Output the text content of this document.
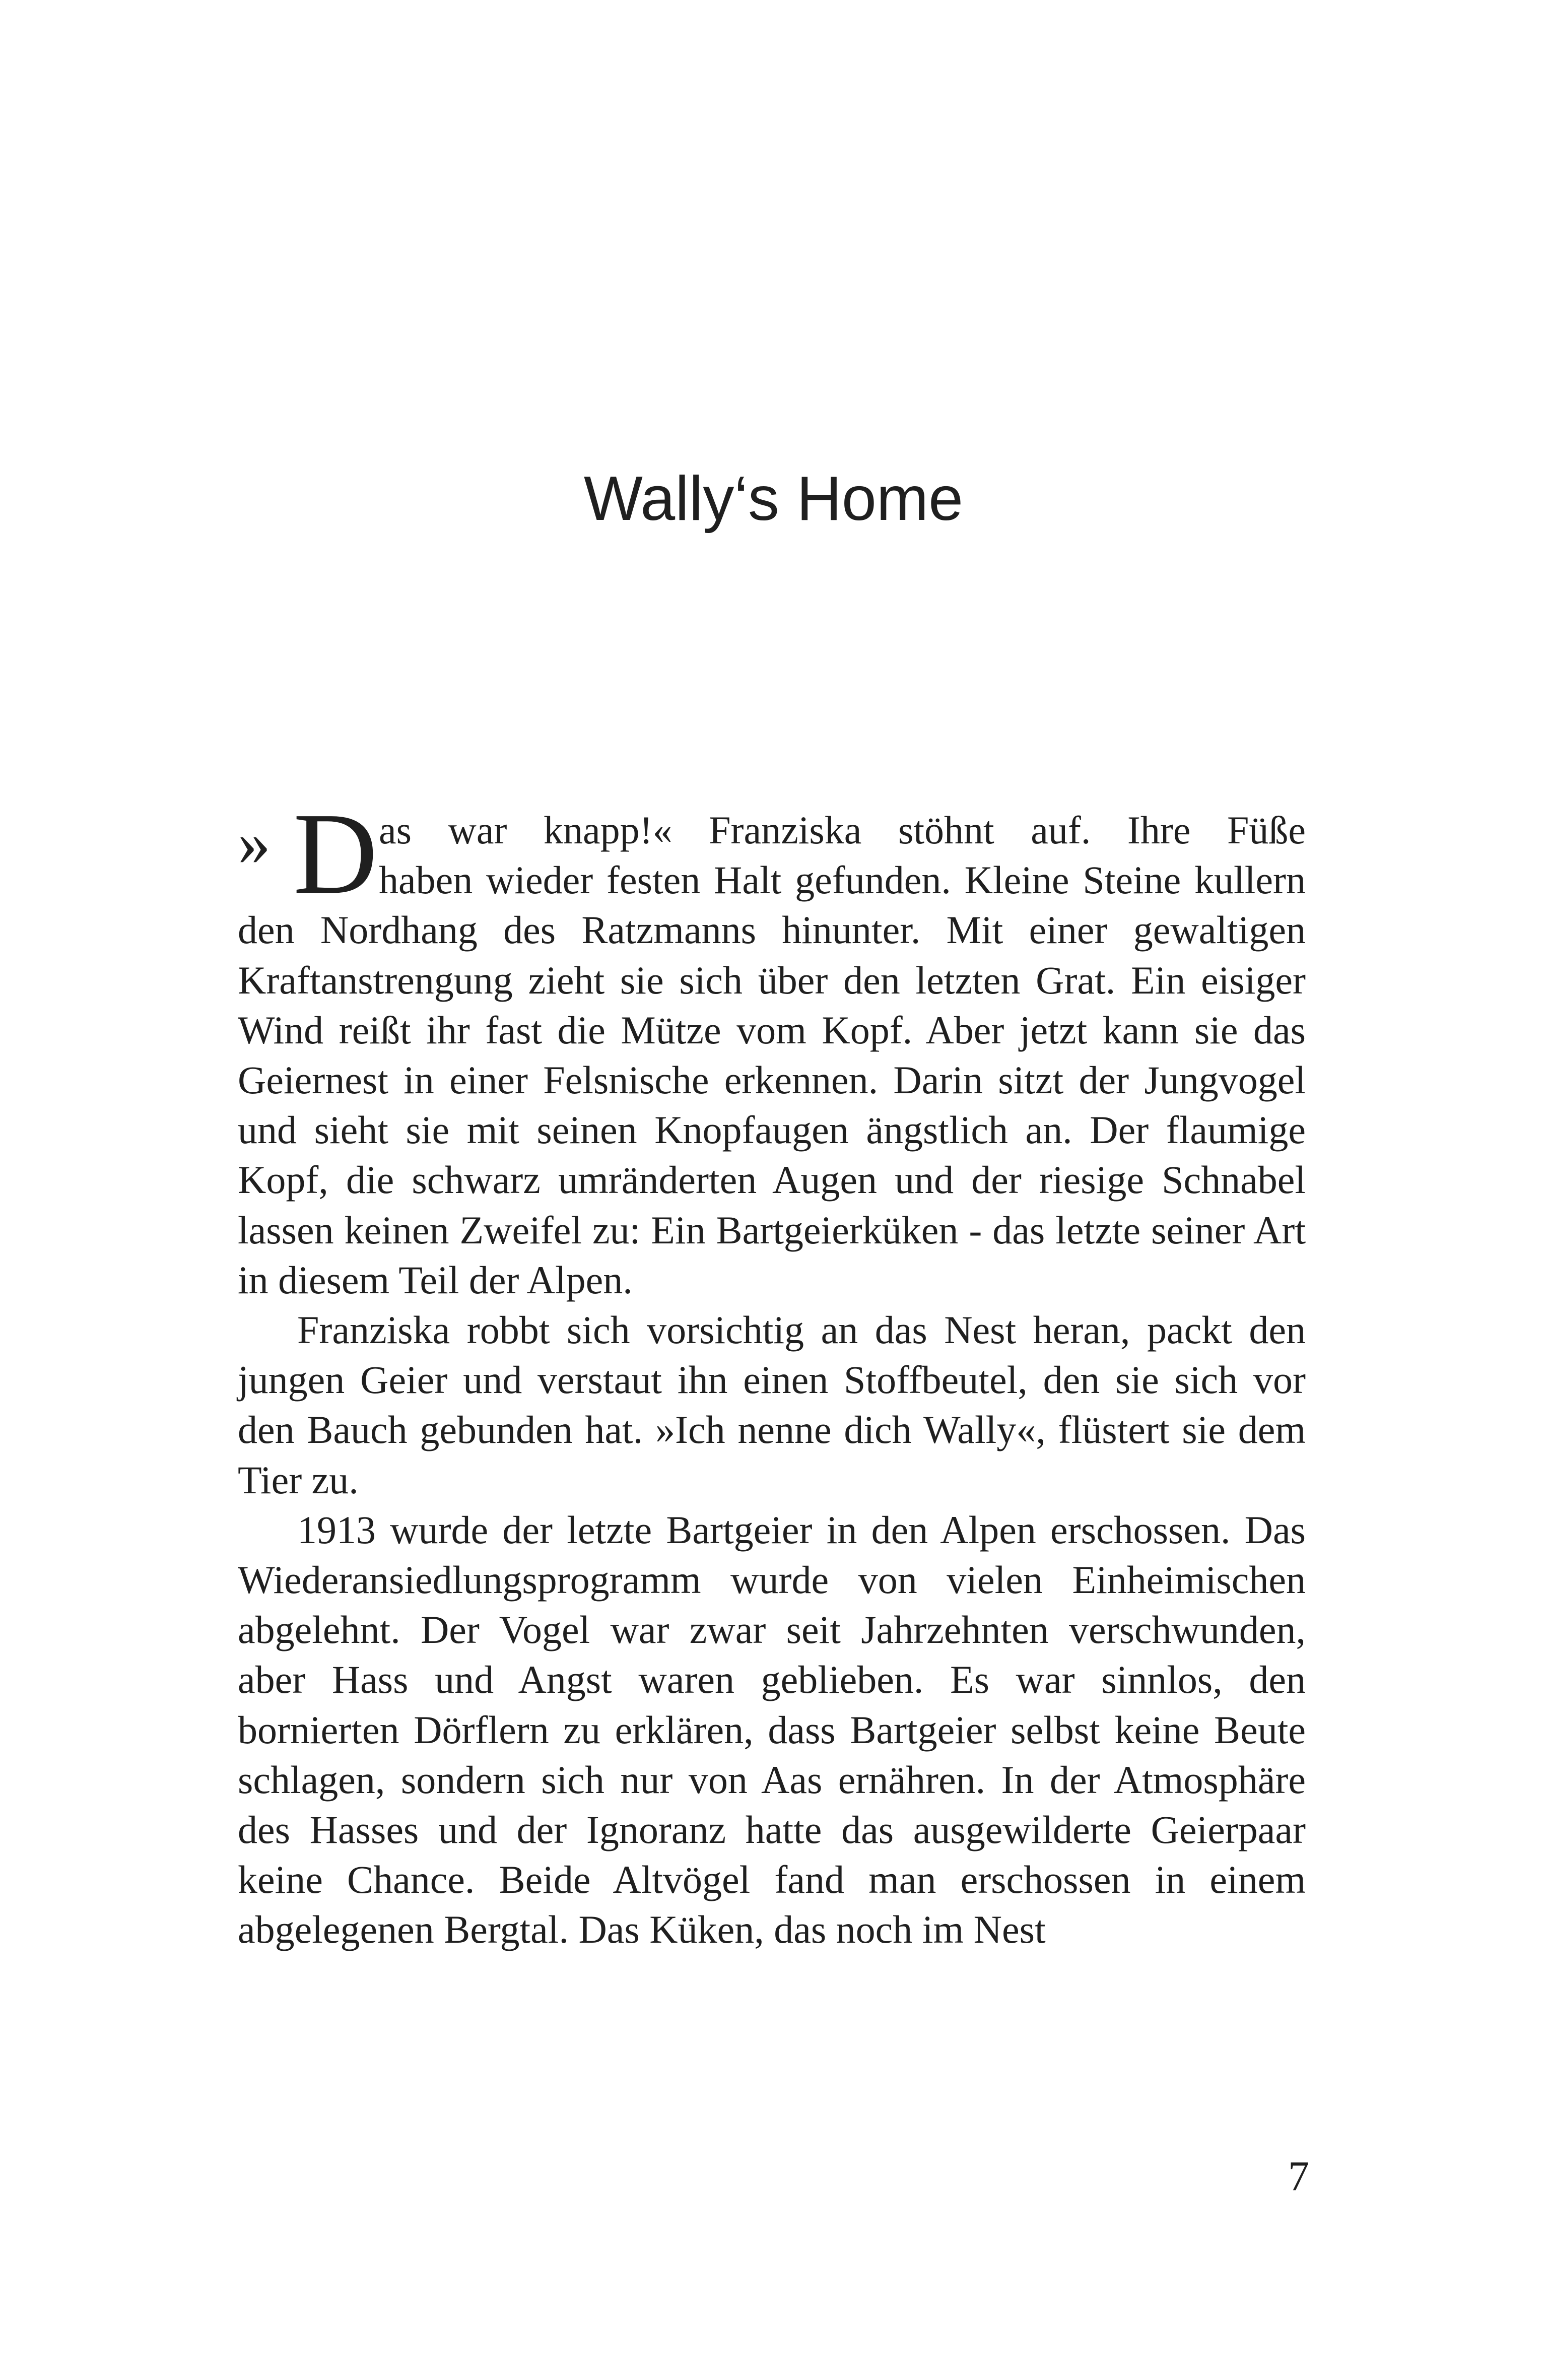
Wally‘s Home
» D as war knapp!« Franziska stöhnt auf. Ihre Füße
haben wieder festen Halt gefunden. Kleine Steine kullern den Nordhang des Ratzmanns hinunter. Mit einer gewaltigen Kraftanstrengung zieht sie sich über den letzten Grat. Ein eisiger Wind reißt ihr fast die Mütze vom Kopf. Aber jetzt kann sie das Geiernest in einer Felsnische erkennen. Darin sitzt der Jungvogel und sieht sie mit seinen Knopfaugen ängstlich an. Der flaumige Kopf, die schwarz umränderten Augen und der riesige Schnabel lassen keinen Zweifel zu: Ein Bartgeierküken - das letzte seiner Art in diesem Teil der Alpen.

Franziska robbt sich vorsichtig an das Nest heran, packt den jungen Geier und verstaut ihn einen Stoffbeutel, den sie sich vor den Bauch gebunden hat. »Ich nenne dich Wally«, flüstert sie dem Tier zu.

1913 wurde der letzte Bartgeier in den Alpen erschossen. Das Wiederansiedlungsprogramm wurde von vielen Einheimischen abgelehnt. Der Vogel war zwar seit Jahrzehnten verschwunden, aber Hass und Angst waren geblieben. Es war sinnlos, den bornierten Dörflern zu erklären, dass Bartgeier selbst keine Beute schlagen, sondern sich nur von Aas ernähren. In der Atmosphäre des Hasses und der Ignoranz hatte das ausgewilderte Geierpaar keine Chance. Beide Altvögel fand man erschossen in einem abgelegenen Bergtal. Das Küken, das noch im Nest

7
